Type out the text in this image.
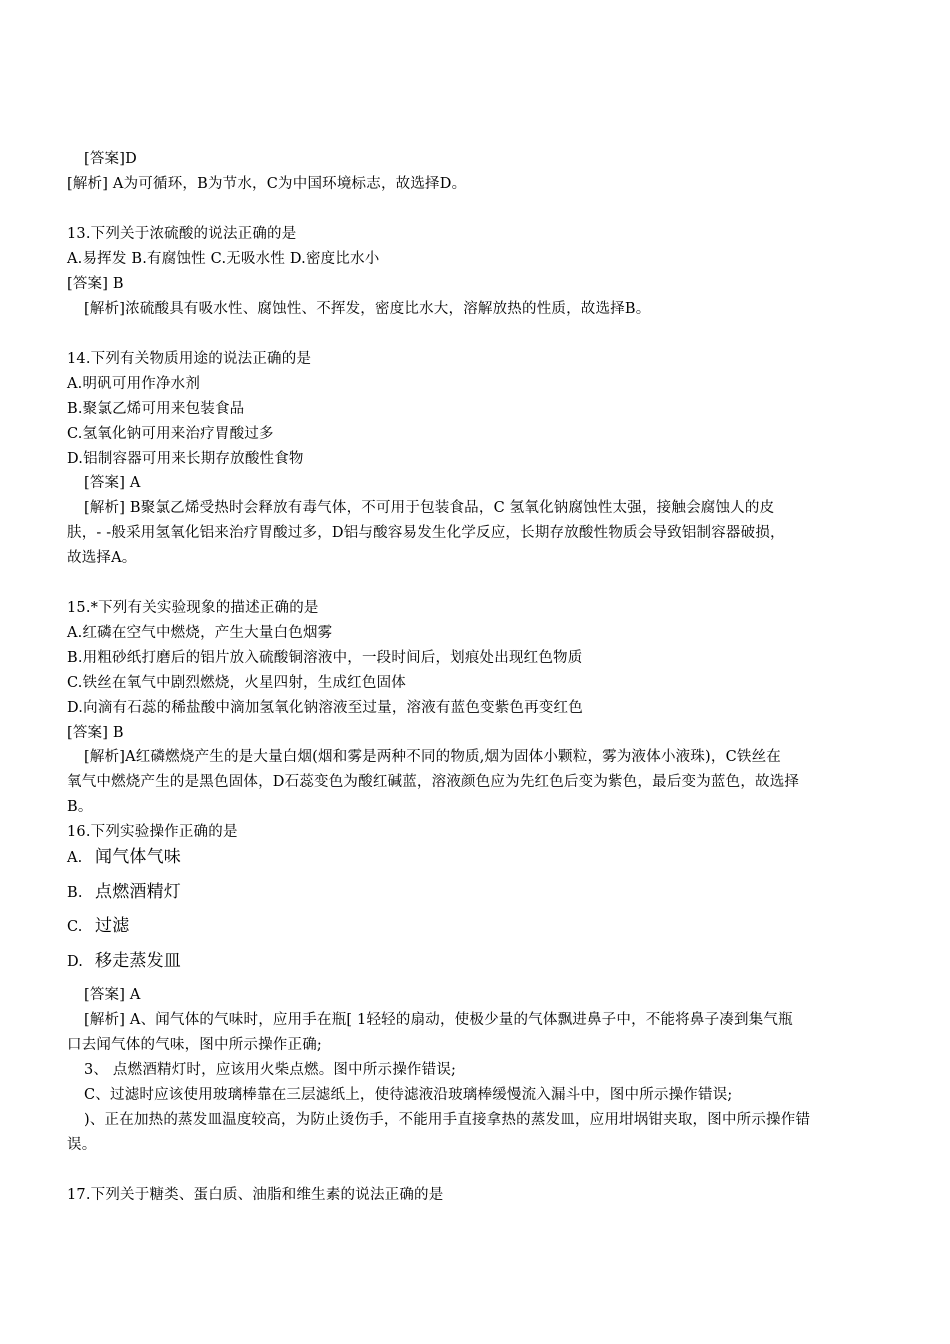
[答案]D
[解析] A为可循环，B为节水，C为中国环境标志，故选择D。
13.下列关于浓硫酸的说法正确的是
A.易挥发 B.有腐蚀性 C.无吸水性 D.密度比水小
[答案] B
[解析]浓硫酸具有吸水性、腐蚀性、不挥发，密度比水大，溶解放热的性质，故选择B。
14.下列有关物质用途的说法正确的是
A.明矾可用作净水剂
B.聚氯乙烯可用来包装食品
C.氢氧化钠可用来治疗胃酸过多
D.铝制容器可用来长期存放酸性食物
[答案] A
[解析] B聚氯乙烯受热时会释放有毒气体，不可用于包装食品，C 氢氧化钠腐蚀性太强，接触会腐蚀人的皮
肤，- -般采用氢氧化铝来治疗胃酸过多，D铝与酸容易发生化学反应，长期存放酸性物质会导致铝制容器破损，
故选择A。
15.*下列有关实验现象的描述正确的是
A.红磷在空气中燃烧，产生大量白色烟雾
B.用粗砂纸打磨后的铝片放入硫酸铜溶液中，一段时间后，划痕处出现红色物质
C.铁丝在氧气中剧烈燃烧，火星四射，生成红色固体
D.向滴有石蕊的稀盐酸中滴加氢氧化钠溶液至过量，溶液有蓝色变紫色再变红色
[答案] B
[解析]A红磷燃烧产生的是大量白烟(烟和雾是两种不同的物质,烟为固体小颗粒，雾为液体小液珠)，C铁丝在
氧气中燃烧产生的是黑色固体，D石蕊变色为酸红碱蓝，溶液颜色应为先红色后变为紫色，最后变为蓝色，故选择
B。
16.下列实验操作正确的是
A. 闻气体气味
B. 点燃酒精灯
C. 过滤
D. 移走蒸发皿
[答案] A
[解析] A、闻气体的气味时，应用手在瓶[ 1轻轻的扇动，使极少量的气体飘进鼻子中，不能将鼻子凑到集气瓶
口去闻气体的气味，图中所示操作正确;
3、 点燃酒精灯时，应该用火柴点燃。图中所示操作错误;
C、过滤时应该使用玻璃棒靠在三层滤纸上，使待滤液沿玻璃棒缓慢流入漏斗中，图中所示操作错误;
)、正在加热的蒸发皿温度较高，为防止烫伤手，不能用手直接拿热的蒸发皿，应用坩埚钳夹取，图中所示操作错
误。
17.下列关于糖类、蛋白质、油脂和维生素的说法正确的是
